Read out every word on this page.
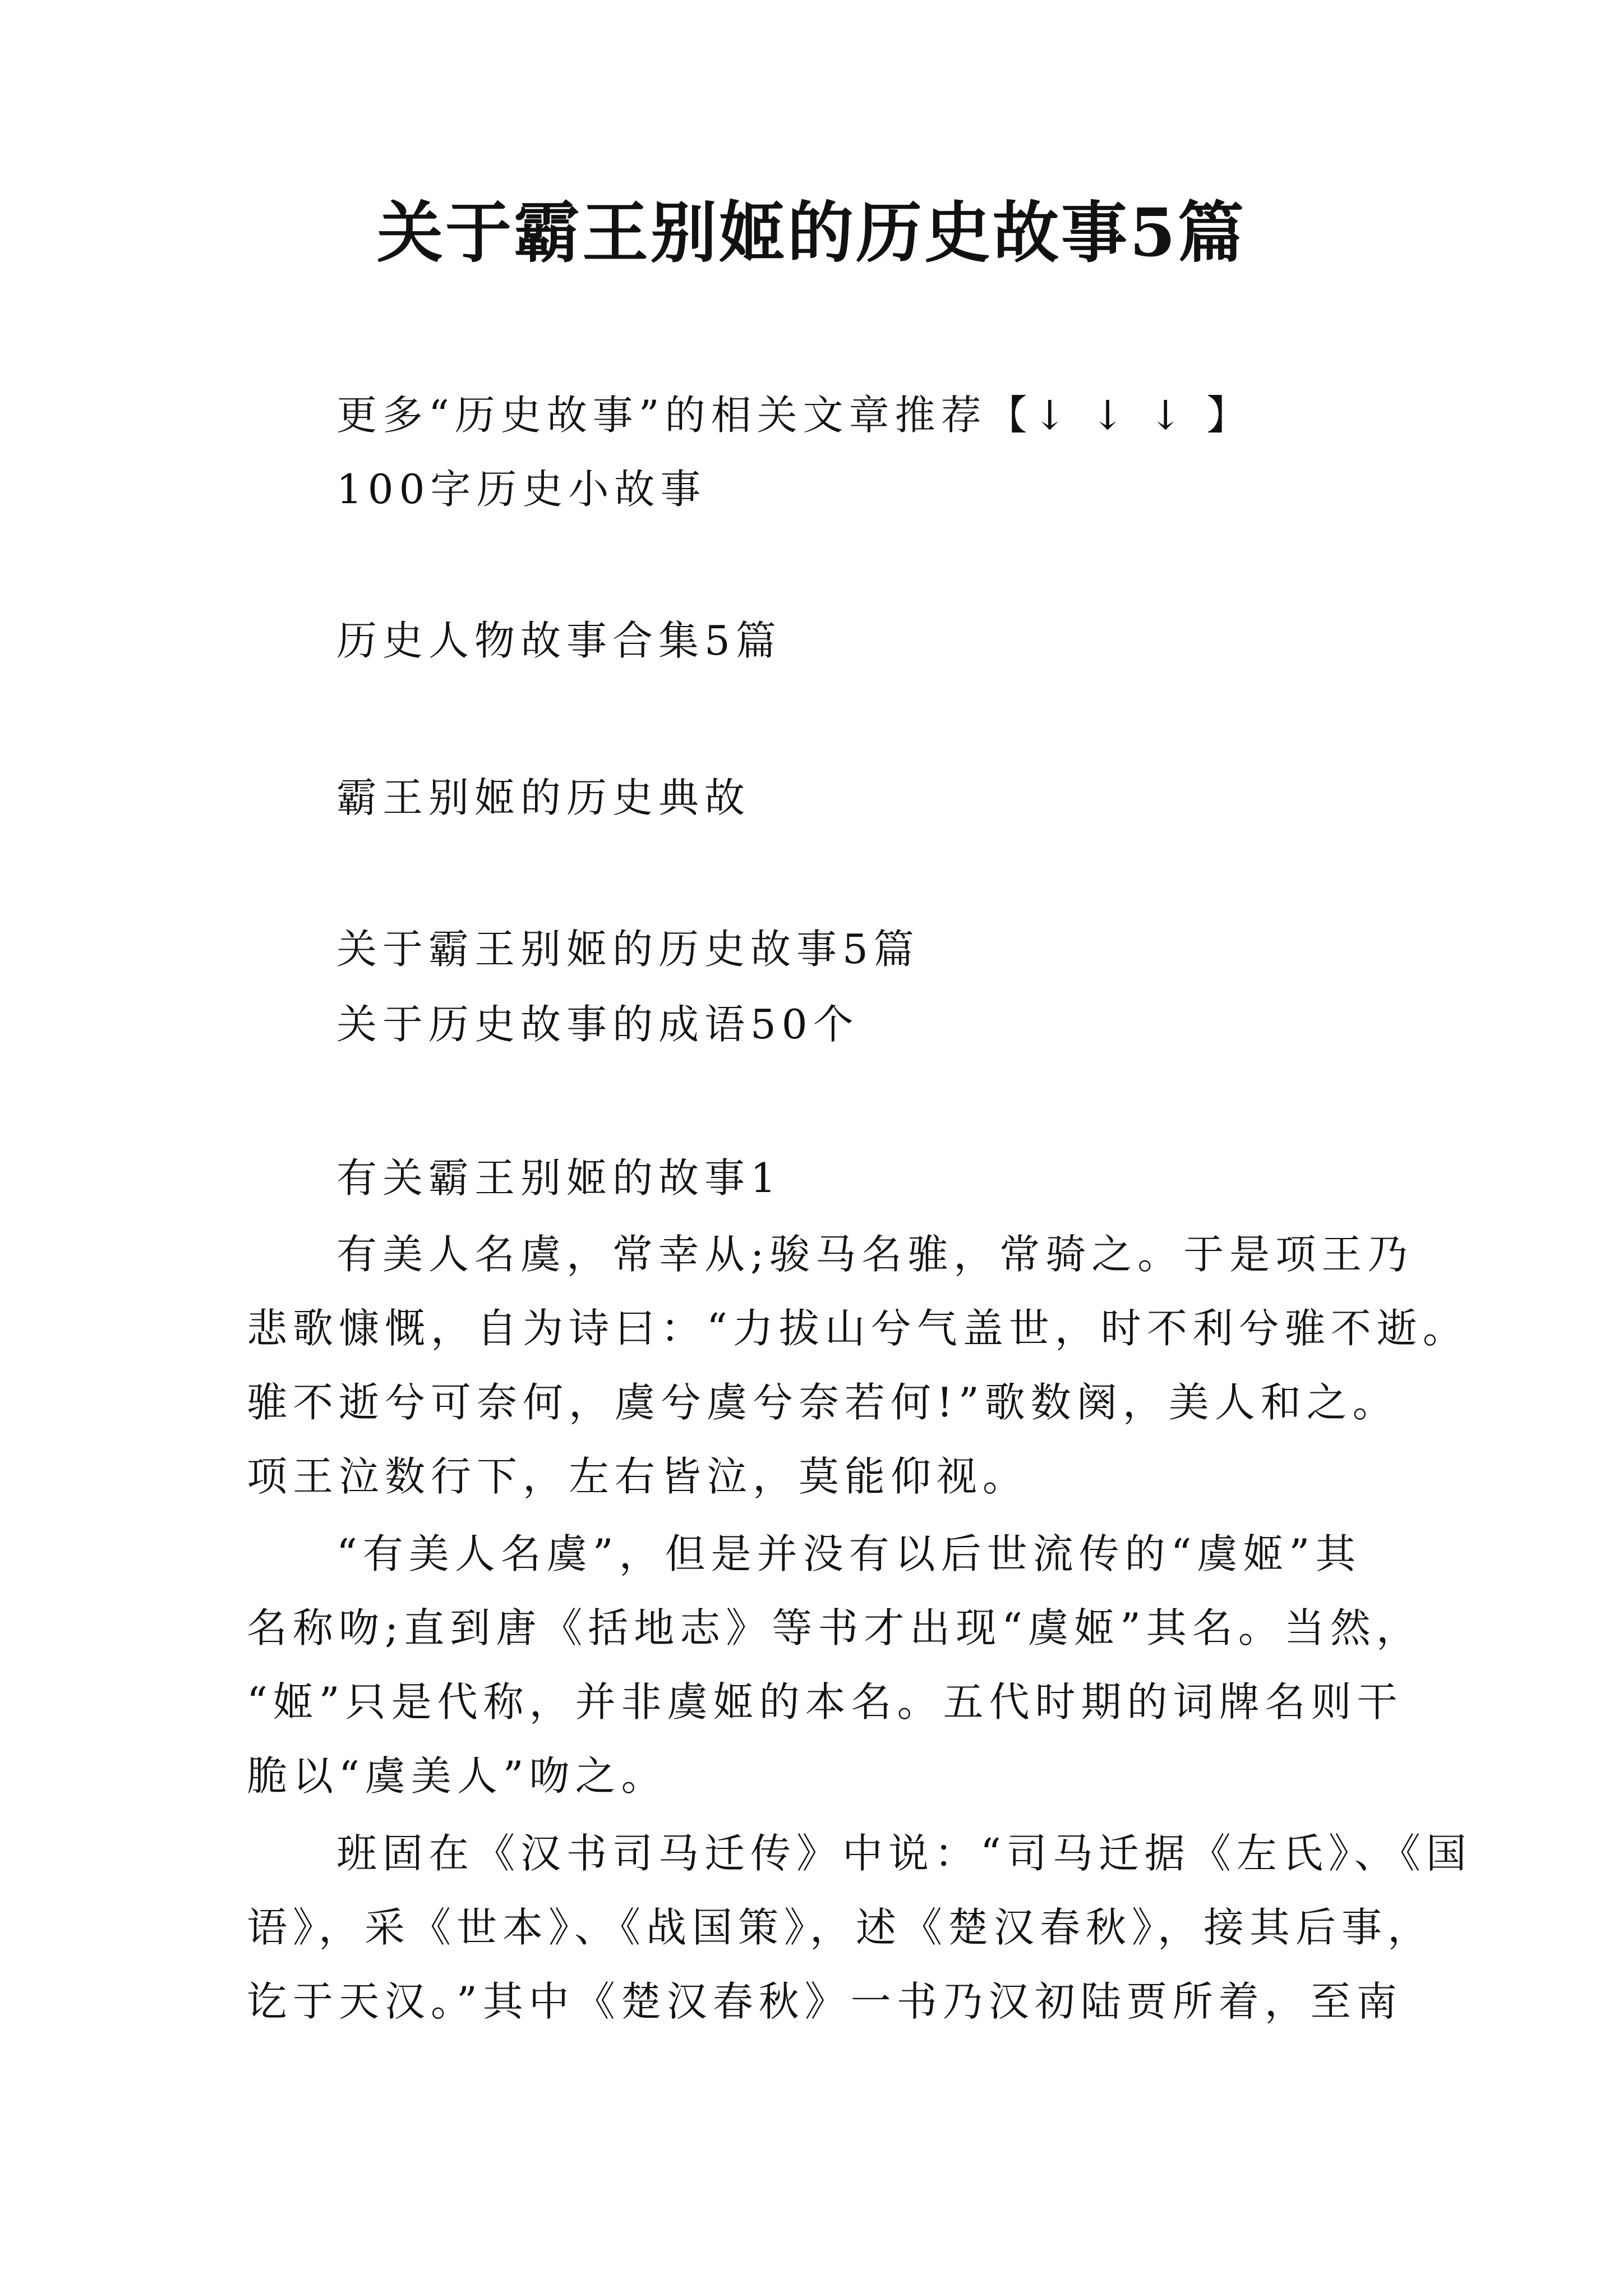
关于霸王别姬的历史故事5篇
更多“历史故事”的相关文章推荐【↓ ↓ ↓ 】
100字历史小故事
历史人物故事合集5篇
霸王别姬的历史典故
关于霸王别姬的历史故事5篇
关于历史故事的成语50个
有关霸王别姬的故事1
有美人名虞，常幸从;骏马名骓，常骑之。于是项王乃
悲歌慷慨，自为诗曰：“力拔山兮气盖世，时不利兮骓不逝。
骓不逝兮可奈何，虞兮虞兮奈若何!”歌数阕，美人和之。
项王泣数行下，左右皆泣，莫能仰视。
“有美人名虞”，但是并没有以后世流传的“虞姬”其
名称吻;直到唐《括地志》等书才出现“虞姬”其名。当然，
“姬”只是代称，并非虞姬的本名。五代时期的词牌名则干
脆以“虞美人”吻之。
班固在《汉书司马迁传》中说：“司马迁据《左氏》、《国
语》，采《世本》、《战国策》，述《楚汉春秋》，接其后事，
讫于天汉。”其中《楚汉春秋》一书乃汉初陆贾所着，至南
